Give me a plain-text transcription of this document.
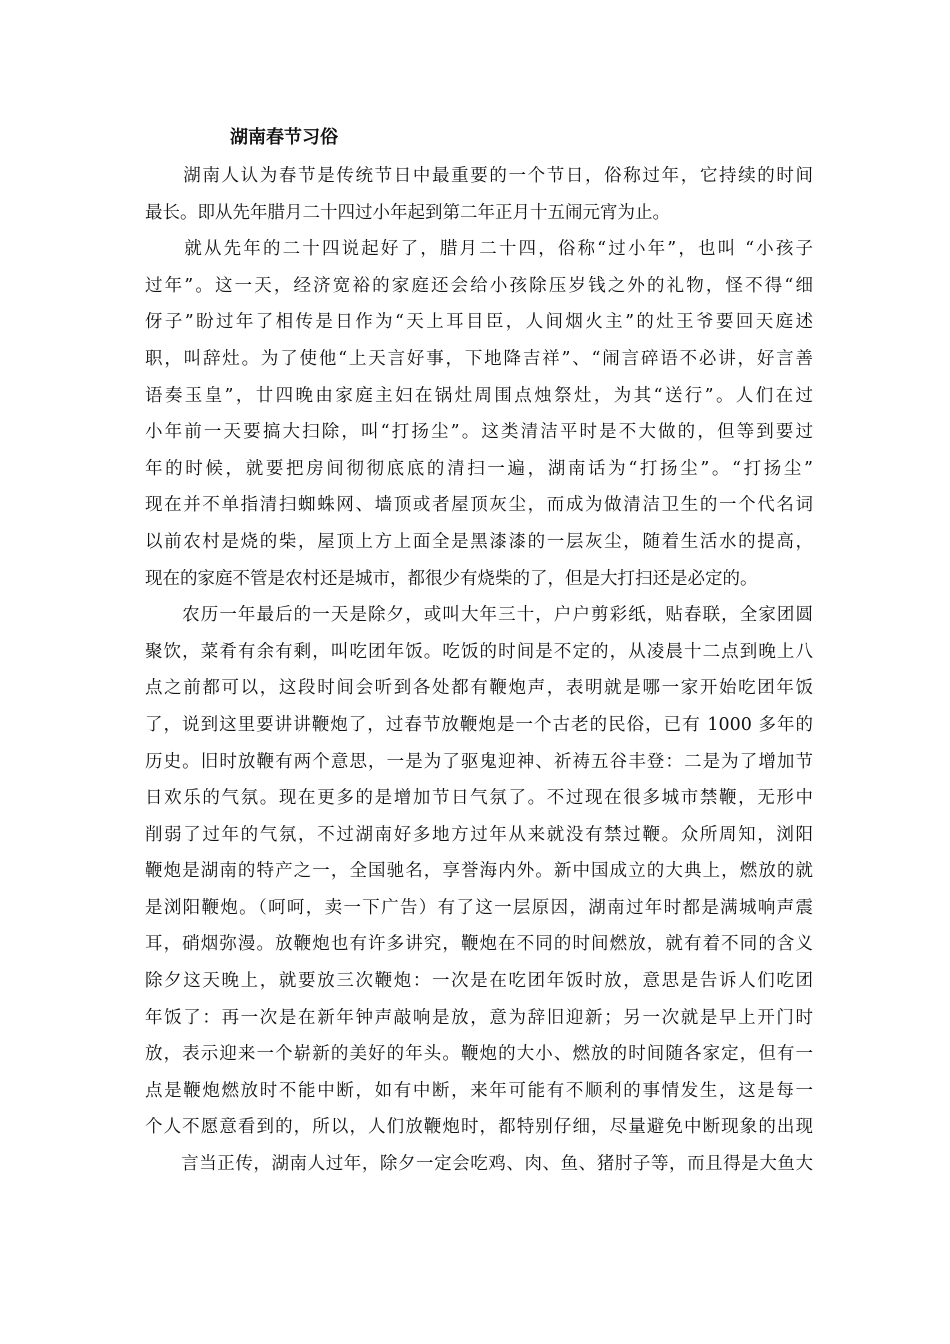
湖南春节习俗
　　湖南人认为春节是传统节日中最重要的一个节日，俗称过年，它持续的时间
最长。即从先年腊月二十四过小年起到第二年正月十五闹元宵为止。
　　就从先年的二十四说起好了，腊月二十四，俗称“过小年”，也叫 “小孩子
过年”。这一天，经济宽裕的家庭还会给小孩除压岁钱之外的礼物，怪不得“细
伢子”盼过年了相传是日作为“天上耳目臣，人间烟火主”的灶王爷要回天庭述
职，叫辞灶。为了使他“上天言好事，下地降吉祥”、“闹言碎语不必讲，好言善
语奏玉皇”，廿四晚由家庭主妇在锅灶周围点烛祭灶，为其“送行”。人们在过
小年前一天要搞大扫除，叫“打扬尘”。这类清洁平时是不大做的，但等到要过
年的时候，就要把房间彻彻底底的清扫一遍，湖南话为“打扬尘”。“打扬尘”
现在并不单指清扫蜘蛛网、墙顶或者屋顶灰尘，而成为做清洁卫生的一个代名词
以前农村是烧的柴，屋顶上方上面全是黑漆漆的一层灰尘，随着生活水的提高，
现在的家庭不管是农村还是城市，都很少有烧柴的了，但是大打扫还是必定的。
　　农历一年最后的一天是除夕，或叫大年三十，户户剪彩纸，贴春联，全家团圆
聚饮，菜肴有余有剩，叫吃团年饭。吃饭的时间是不定的，从凌晨十二点到晚上八
点之前都可以，这段时间会听到各处都有鞭炮声，表明就是哪一家开始吃团年饭
了，说到这里要讲讲鞭炮了，过春节放鞭炮是一个古老的民俗，已有 1000 多年的
历史。旧时放鞭有两个意思，一是为了驱鬼迎神、祈祷五谷丰登：二是为了增加节
日欢乐的气氛。现在更多的是增加节日气氛了。不过现在很多城市禁鞭，无形中
削弱了过年的气氛，不过湖南好多地方过年从来就没有禁过鞭。众所周知，浏阳
鞭炮是湖南的特产之一，全国驰名，享誉海内外。新中国成立的大典上，燃放的就
是浏阳鞭炮。（呵呵，卖一下广告）有了这一层原因，湖南过年时都是满城响声震
耳，硝烟弥漫。放鞭炮也有许多讲究，鞭炮在不同的时间燃放，就有着不同的含义
除夕这天晚上，就要放三次鞭炮：一次是在吃团年饭时放，意思是告诉人们吃团
年饭了：再一次是在新年钟声敲响是放，意为辞旧迎新；另一次就是早上开门时
放，表示迎来一个崭新的美好的年头。鞭炮的大小、燃放的时间随各家定，但有一
点是鞭炮燃放时不能中断，如有中断，来年可能有不顺利的事情发生，这是每一
个人不愿意看到的，所以，人们放鞭炮时，都特别仔细，尽量避免中断现象的出现
　　言当正传，湖南人过年，除夕一定会吃鸡、肉、鱼、猪肘子等，而且得是大鱼大
